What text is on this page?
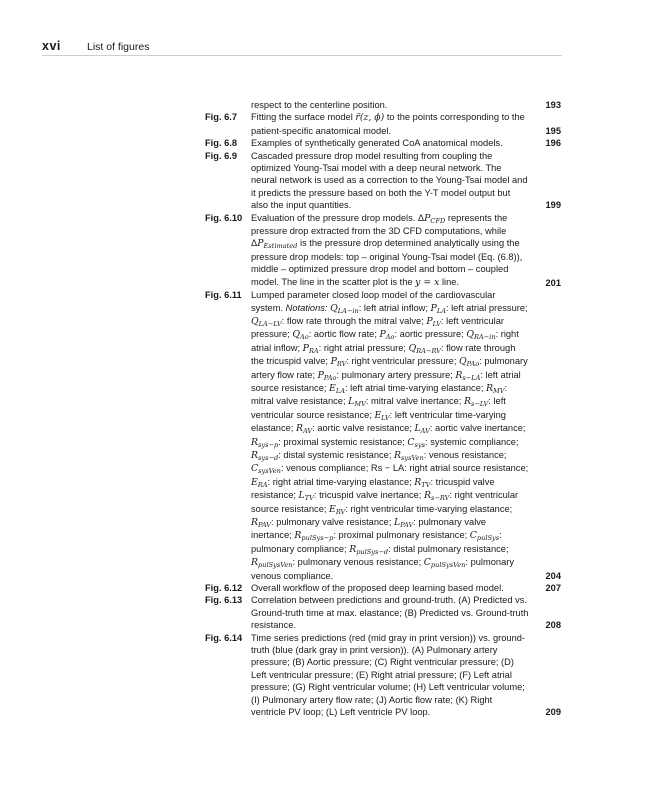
xvi List of figures
respect to the centerline position.	193
Fig. 6.7 Fitting the surface model r̃(z, ϕ) to the points corresponding to the patient-specific anatomical model.	195
Fig. 6.8 Examples of synthetically generated CoA anatomical models.	196
Fig. 6.9 Cascaded pressure drop model resulting from coupling the optimized Young-Tsai model with a deep neural network. The neural network is used as a correction to the Young-Tsai model and it predicts the pressure based on both the Y-T model output but also the input quantities.	199
Fig. 6.10 Evaluation of the pressure drop models. $\Delta P_{CFD}$ represents the pressure drop extracted from the 3D CFD computations, while $\Delta P_{Estimated}$ is the pressure drop determined analytically using the pressure drop models: top – original Young-Tsai model (Eq. (6.8)), middle – optimized pressure drop model and bottom – coupled model. The line in the scatter plot is the y = x line.	201
Fig. 6.11 Lumped parameter closed loop model of the cardiovascular system. Notations: $Q_{LA-in}$: left atrial inflow; $P_{LA}$: left atrial pressure; $Q_{LA-LV}$: flow rate through the mitral valve; $P_{LV}$: left ventricular pressure; $Q_{Ao}$: aortic flow rate; $P_{Ao}$: aortic pressure; $Q_{RA-in}$: right atrial inflow; $P_{RA}$: right atrial pressure; $Q_{RA-RV}$: flow rate through the tricuspid valve; $P_{RV}$: right ventricular pressure; $Q_{PAo}$: pulmonary artery flow rate; $P_{PAo}$: pulmonary artery pressure; $R_{s-LA}$: left atrial source resistance; $E_{LA}$: left atrial time-varying elastance; $R_{MV}$: mitral valve resistance; $L_{MV}$: mitral valve inertance; $R_{s-LV}$: left ventricular source resistance; $E_{LV}$: left ventricular time-varying elastance; $R_{AV}$: aortic valve resistance; $L_{AV}$: aortic valve inertance; $R_{sys-p}$: proximal systemic resistance; $C_{sys}$: systemic compliance; $R_{sys-d}$: distal systemic resistance; $R_{sysVen}$: venous resistance; $C_{sysVen}$: venous compliance; Rs − LA: right atrial source resistance; $E_{RA}$: right atrial time-varying elastance; $R_{TV}$: tricuspid valve resistance; $L_{TV}$: tricuspid valve inertance; $R_{s-RV}$: right ventricular source resistance; $E_{RV}$: right ventricular time-varying elastance; $R_{PAV}$: pulmonary valve resistance; $L_{PAV}$: pulmonary valve inertance; $R_{pulSys-p}$: proximal pulmonary resistance; $C_{pulSys}$: pulmonary compliance; $R_{pulSys-d}$: distal pulmonary resistance; $R_{pulSysVen}$: pulmonary venous resistance; $C_{pulSysVen}$: pulmonary venous compliance.	204
Fig. 6.12 Overall workflow of the proposed deep learning based model.	207
Fig. 6.13 Correlation between predictions and ground-truth. (A) Predicted vs. Ground-truth time at max. elastance; (B) Predicted vs. Ground-truth resistance.	208
Fig. 6.14 Time series predictions (red (mid gray in print version)) vs. ground-truth (blue (dark gray in print version)). (A) Pulmonary artery pressure; (B) Aortic pressure; (C) Right ventricular pressure; (D) Left ventricular pressure; (E) Right atrial pressure; (F) Left atrial pressure; (G) Right ventricular volume; (H) Left ventricular volume; (I) Pulmonary artery flow rate; (J) Aortic flow rate; (K) Right ventricle PV loop; (L) Left ventricle PV loop.	209
